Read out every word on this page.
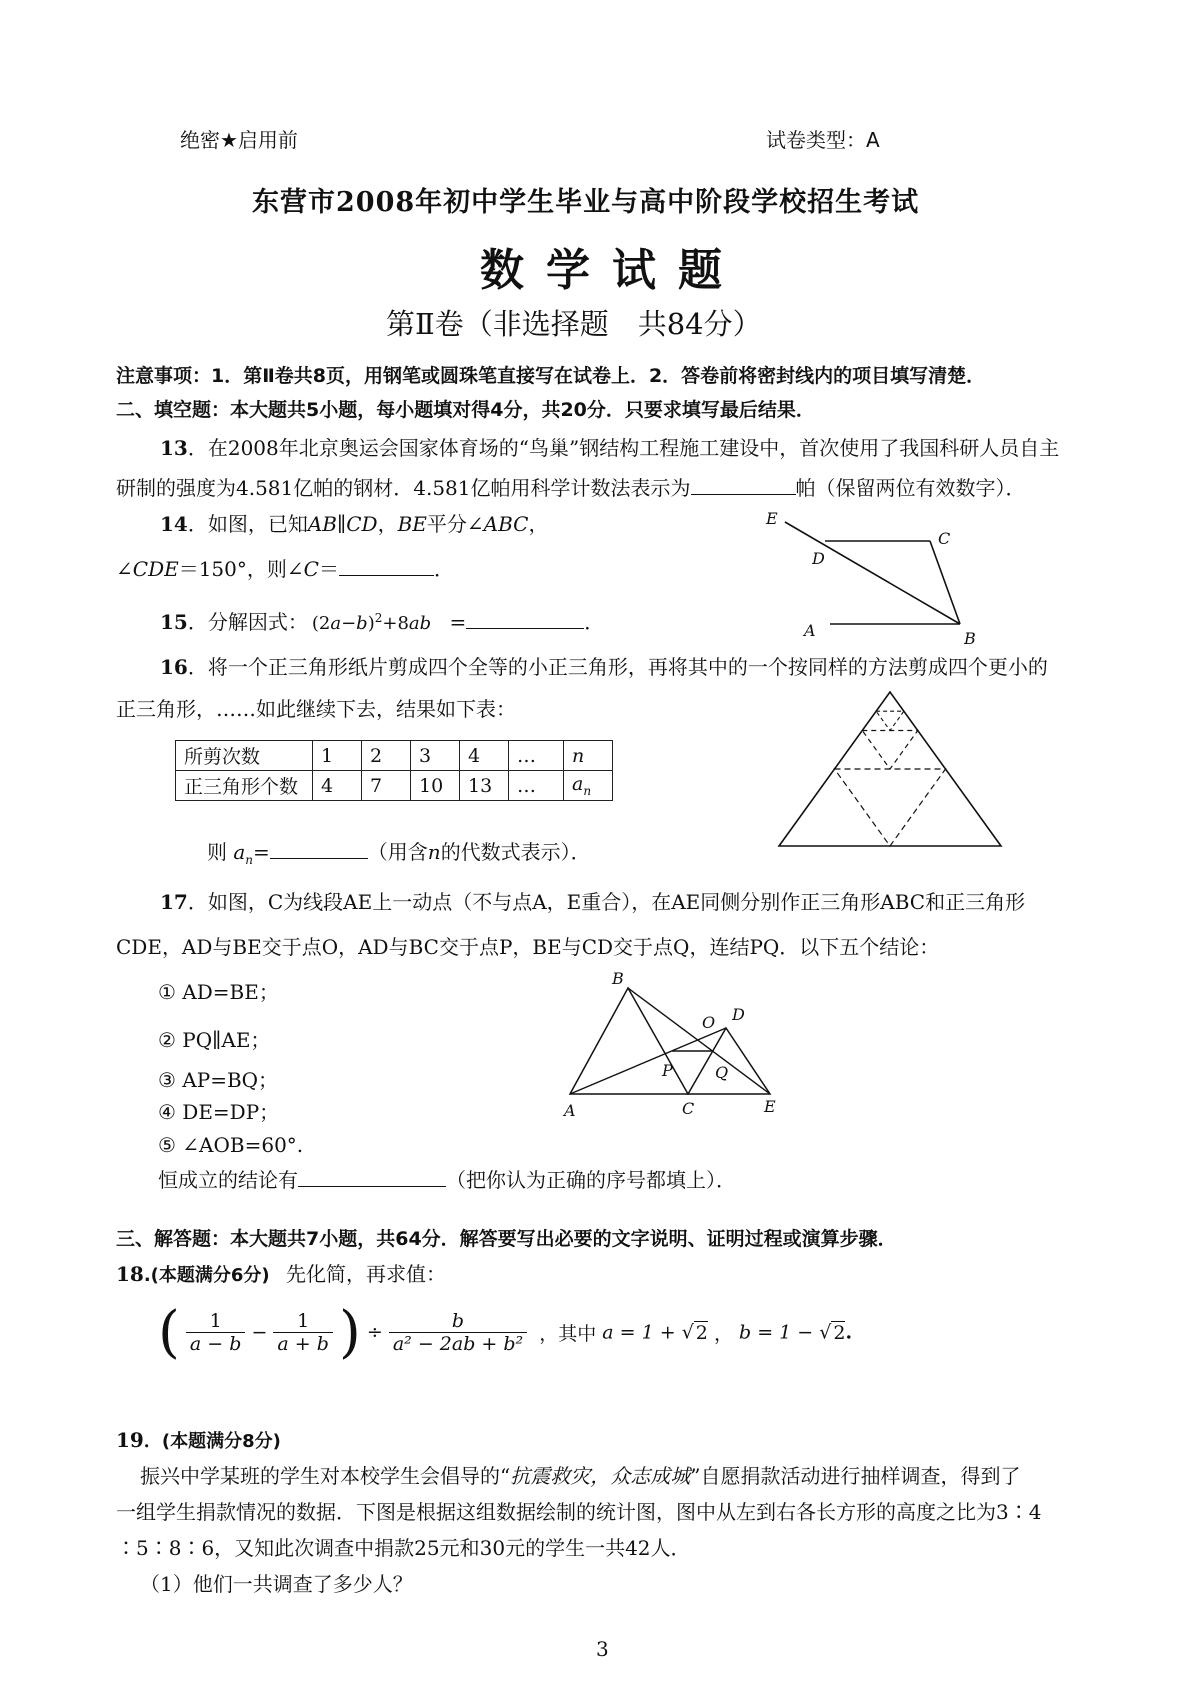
绝密★启用前	试卷类型：A
东营市2008年初中学生毕业与高中阶段学校招生考试
数学试题
第Ⅱ卷（非选择题　共84分）
注意事项：1．第Ⅱ卷共8页，用钢笔或圆珠笔直接写在试卷上．2．答卷前将密封线内的项目填写清楚．
二、填空题：本大题共5小题，每小题填对得4分，共20分．只要求填写最后结果．
13．在2008年北京奥运会国家体育场的“鸟巢”钢结构工程施工建设中，首次使用了我国科研人员自主
研制的强度为4.581亿帕的钢材．4.581亿帕用科学计数法表示为	帕（保留两位有效数字）．
14．如图，已知AB∥CD，BE平分∠ABC，
∠CDE＝150°，则∠C＝	．
E
D
C
A	B
15．分解因式： $(2a-b)^2+8ab$ =	．
16．将一个正三角形纸片剪成四个全等的小正三角形，再将其中的一个按同样的方法剪成四个更小的
正三角形，……如此继续下去，结果如下表：
所剪次数	1	2	3	4	…	n
正三角形个数	4	7	10	13	…	$a_n$
则 $a_n=$	（用含n的代数式表示）．
17．如图，C为线段AE上一动点（不与点A，E重合），在AE同侧分别作正三角形ABC和正三角形
CDE，AD与BE交于点O，AD与BC交于点P，BE与CD交于点Q，连结PQ．以下五个结论：
① AD=BE；
② PQ∥AE；
③ AP=BQ；
④ DE=DP；
⑤ ∠AOB=60°.
恒成立的结论有	（把你认为正确的序号都填上）．
B
O D
P	Q
A	C	E
三、解答题：本大题共7小题，共64分．解答要写出必要的文字说明、证明过程或演算步骤．
18.(本题满分6分) 先化简，再求值：
( $\frac{1}{a - b} - \frac{1}{a + b}$ ) ÷ $\frac{b}{\text{a² − 2ab + b²}}$ ，其中 a = 1 + √ 2 ， b = 1 − √ 2.
19．(本题满分8分)
振兴中学某班的学生对本校学生会倡导的“抗震救灾，众志成城”自愿捐款活动进行抽样调查，得到了
一组学生捐款情况的数据．下图是根据这组数据绘制的统计图，图中从左到右各长方形的高度之比为3∶4
∶5∶8∶6，又知此次调查中捐款25元和30元的学生一共42人．
（1）他们一共调查了多少人？
3
